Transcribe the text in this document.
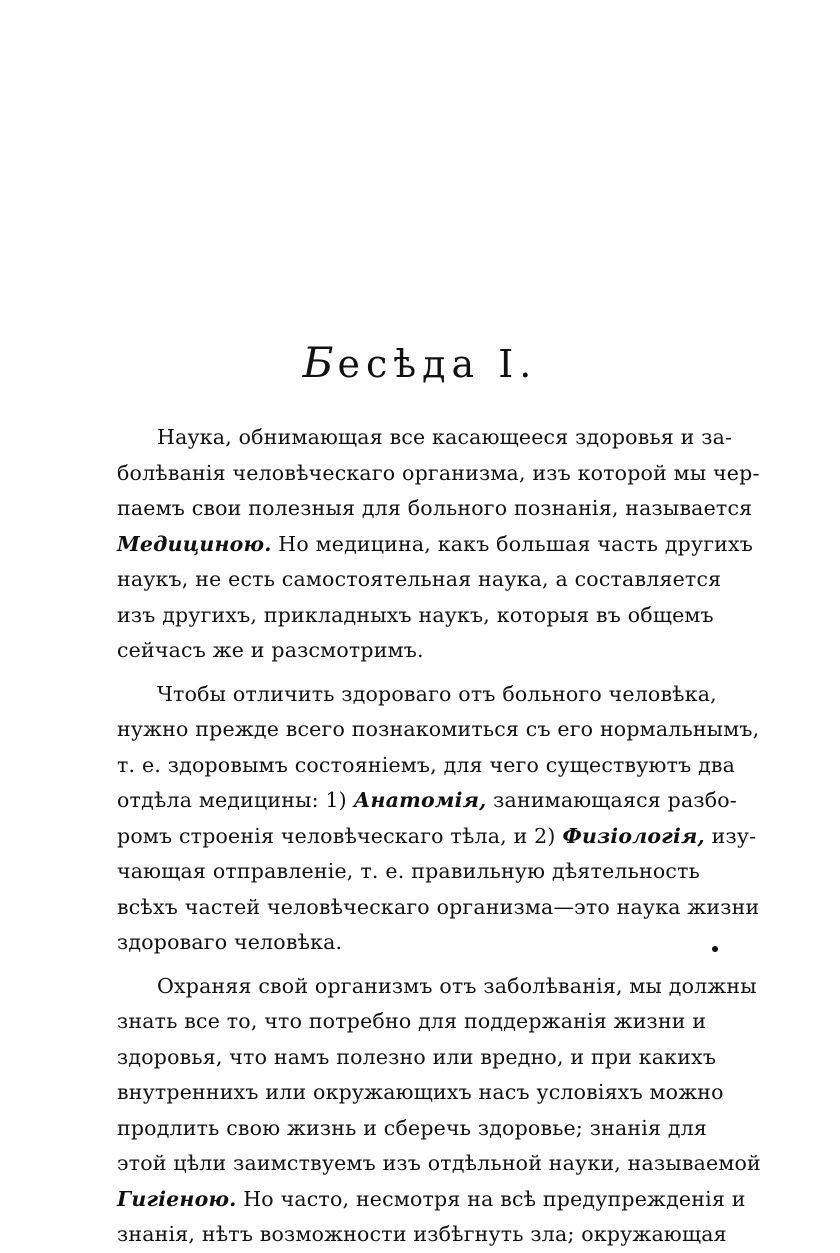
Бесѣда I.
Наука, обнимающая все касающееся здоровья и за-
болѣванія человѣческаго организма, изъ которой мы чер-
паемъ свои полезныя для больного познанія, называется
Медициною. Но медицина, какъ большая часть другихъ
наукъ, не есть самостоятельная наука, а составляется
изъ другихъ, прикладныхъ наукъ, которыя въ общемъ
сейчасъ же и разсмотримъ.
Чтобы отличить здороваго отъ больного человѣка,
нужно прежде всего познакомиться съ его нормальнымъ,
т. е. здоровымъ состояніемъ, для чего существуютъ два
отдѣла медицины: 1) Анатомія, занимающаяся разбо-
ромъ строенія человѣческаго тѣла, и 2) Физіологія, изу-
чающая отправленіе, т. е. правильную дѣятельность
всѣхъ частей человѣческаго организма—это наука жизни
здороваго человѣка.
Охраняя свой организмъ отъ заболѣванія, мы должны
знать все то, что потребно для поддержанія жизни и
здоровья, что намъ полезно или вредно, и при какихъ
внутреннихъ или окружающихъ насъ условіяхъ можно
продлить свою жизнь и сберечь здоровье; знанія для
этой цѣли заимствуемъ изъ отдѣльной науки, называемой
Гигіеною. Но часто, несмотря на всѣ предупрежденія и
знанія, нѣтъ возможности избѣгнуть зла; окружающая
